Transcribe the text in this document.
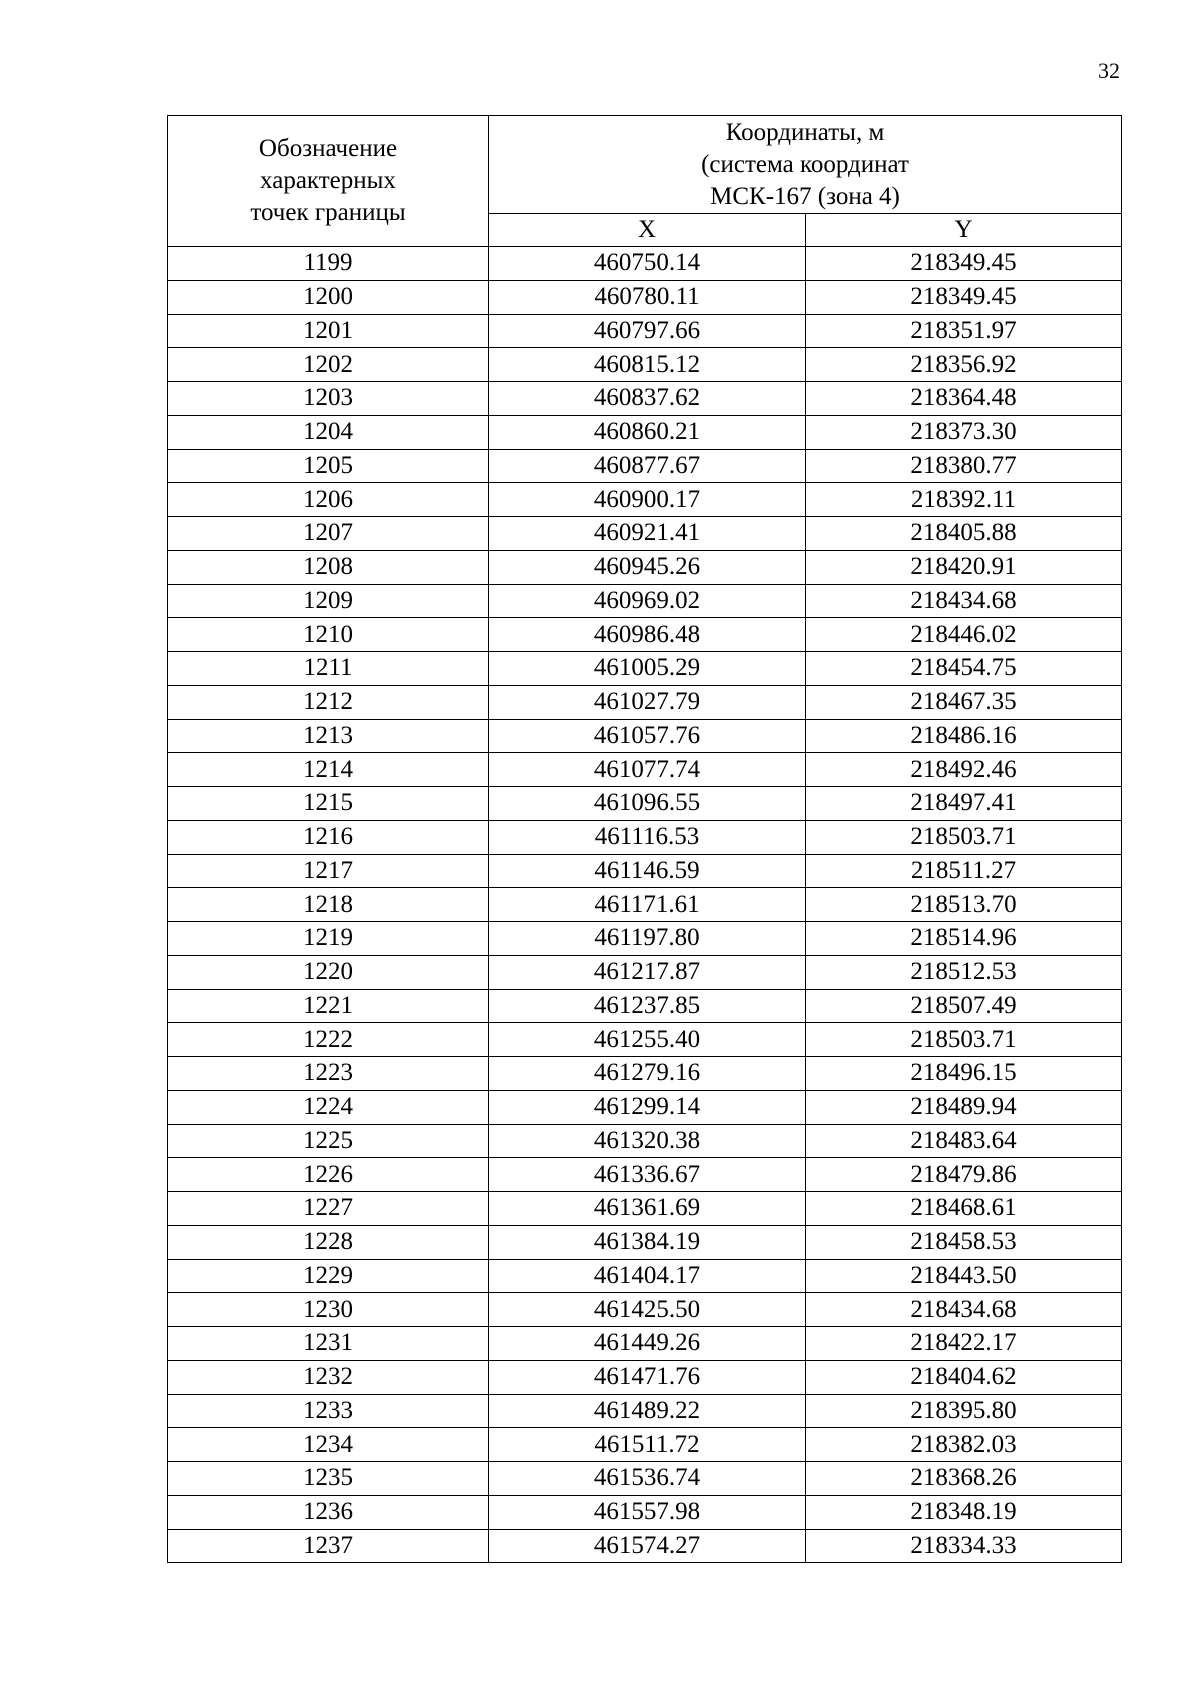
32
Обозначение
характерных
точек границы	Координаты, м
(система координат
МСК-167 (зона 4)	

	X	Y
1199	460750.14	218349.45
1200	460780.11	218349.45
1201	460797.66	218351.97
1202	460815.12	218356.92
1203	460837.62	218364.48
1204	460860.21	218373.30
1205	460877.67	218380.77
1206	460900.17	218392.11
1207	460921.41	218405.88
1208	460945.26	218420.91
1209	460969.02	218434.68
1210	460986.48	218446.02
1211	461005.29	218454.75
1212	461027.79	218467.35
1213	461057.76	218486.16
1214	461077.74	218492.46
1215	461096.55	218497.41
1216	461116.53	218503.71
1217	461146.59	218511.27
1218	461171.61	218513.70
1219	461197.80	218514.96
1220	461217.87	218512.53
1221	461237.85	218507.49
1222	461255.40	218503.71
1223	461279.16	218496.15
1224	461299.14	218489.94
1225	461320.38	218483.64
1226	461336.67	218479.86
1227	461361.69	218468.61
1228	461384.19	218458.53
1229	461404.17	218443.50
1230	461425.50	218434.68
1231	461449.26	218422.17
1232	461471.76	218404.62
1233	461489.22	218395.80
1234	461511.72	218382.03
1235	461536.74	218368.26
1236	461557.98	218348.19
1237	461574.27	218334.33
